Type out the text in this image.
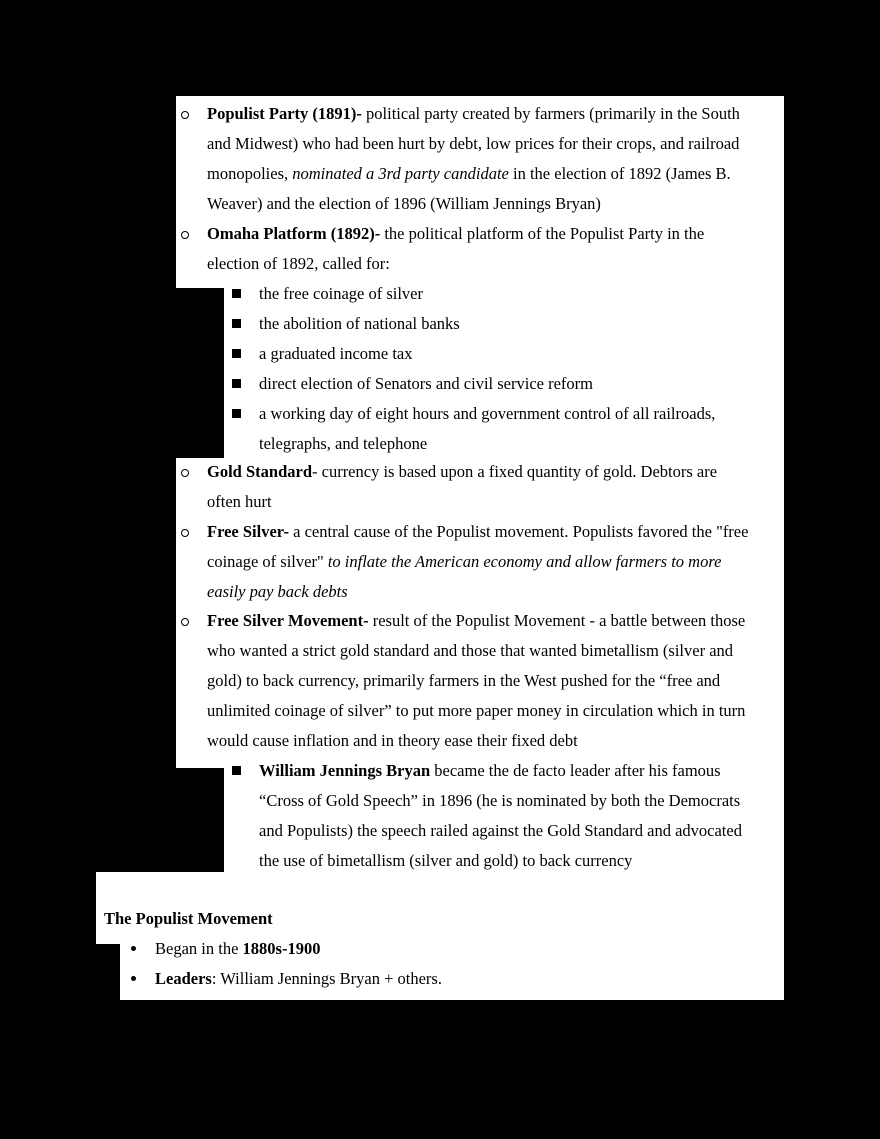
Populist Party (1891)- political party created by farmers (primarily in the South
and Midwest) who had been hurt by debt, low prices for their crops, and railroad
monopolies, nominated a 3rd party candidate in the election of 1892 (James B.
Weaver) and the election of 1896 (William Jennings Bryan)
Omaha Platform (1892)- the political platform of the Populist Party in the
election of 1892, called for:
the free coinage of silver
the abolition of national banks
a graduated income tax
direct election of Senators and civil service reform
a working day of eight hours and government control of all railroads,
telegraphs, and telephone
Gold Standard- currency is based upon a fixed quantity of gold. Debtors are
often hurt
Free Silver- a central cause of the Populist movement. Populists favored the "free
coinage of silver" to inflate the American economy and allow farmers to more
easily pay back debts
Free Silver Movement- result of the Populist Movement - a battle between those
who wanted a strict gold standard and those that wanted bimetallism (silver and
gold) to back currency, primarily farmers in the West pushed for the “free and
unlimited coinage of silver” to put more paper money in circulation which in turn
would cause inflation and in theory ease their fixed debt
William Jennings Bryan became the de facto leader after his famous
“Cross of Gold Speech” in 1896 (he is nominated by both the Democrats
and Populists) the speech railed against the Gold Standard and advocated
the use of bimetallism (silver and gold) to back currency
The Populist Movement
Began in the 1880s-1900
Leaders: William Jennings Bryan + others.
